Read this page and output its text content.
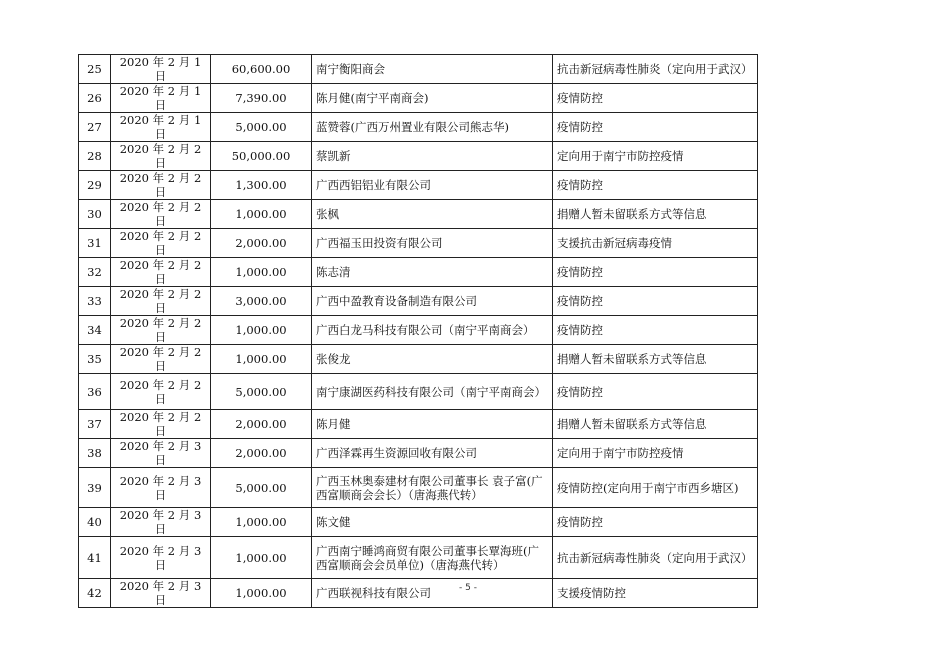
25	2020 年 2 月 1 日	60,600.00	南宁衡阳商会	抗击新冠病毒性肺炎（定向用于武汉）
26	2020 年 2 月 1 日	7,390.00	陈月健(南宁平南商会)	疫情防控
27	2020 年 2 月 1 日	5,000.00	蓝赞蓉(广西万州置业有限公司熊志华)	疫情防控
28	2020 年 2 月 2 日	50,000.00	蔡凯新	定向用于南宁市防控疫情
29	2020 年 2 月 2 日	1,300.00	广西西铝铝业有限公司	疫情防控
30	2020 年 2 月 2 日	1,000.00	张枫	捐赠人暂未留联系方式等信息
31	2020 年 2 月 2 日	2,000.00	广西福玉田投资有限公司	支援抗击新冠病毒疫情
32	2020 年 2 月 2 日	1,000.00	陈志清	疫情防控
33	2020 年 2 月 2 日	3,000.00	广西中盈教育设备制造有限公司	疫情防控
34	2020 年 2 月 2 日	1,000.00	广西白龙马科技有限公司（南宁平南商会）	疫情防控
35	2020 年 2 月 2 日	1,000.00	张俊龙	捐赠人暂未留联系方式等信息
36	2020 年 2 月 2 日	5,000.00	南宁康湖医药科技有限公司（南宁平南商会）	疫情防控
37	2020 年 2 月 2 日	2,000.00	陈月健	捐赠人暂未留联系方式等信息
38	2020 年 2 月 3 日	2,000.00	广西泽霖再生资源回收有限公司	定向用于南宁市防控疫情
39	2020 年 2 月 3 日	5,000.00	广西玉林奥泰建材有限公司董事长 袁子富(广西富顺商会会长）（唐海燕代转）	疫情防控(定向用于南宁市西乡塘区)
40	2020 年 2 月 3 日	1,000.00	陈文健	疫情防控
41	2020 年 2 月 3 日	1,000.00	广西南宁睡鸿商贸有限公司董事长覃海班(广西富顺商会会员单位)（唐海燕代转）	抗击新冠病毒性肺炎（定向用于武汉）
42	2020 年 2 月 3 日	1,000.00	广西联视科技有限公司	支援疫情防控
- 5 -
